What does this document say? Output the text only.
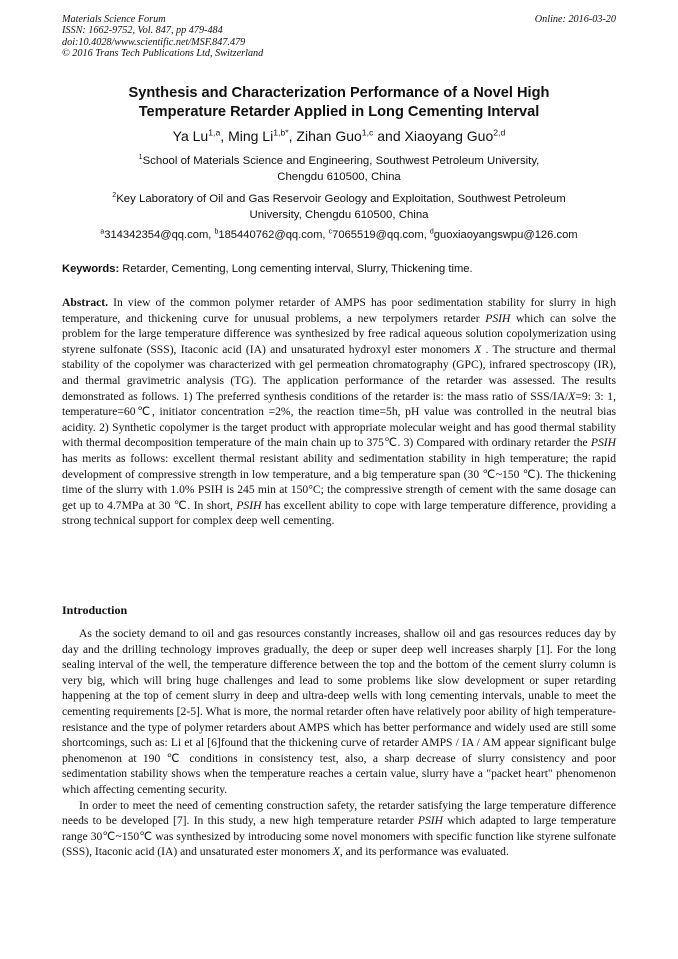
Materials Science Forum
ISSN: 1662-9752, Vol. 847, pp 479-484
doi:10.4028/www.scientific.net/MSF.847.479
© 2016 Trans Tech Publications Ltd, Switzerland
Online: 2016-03-20
Synthesis and Characterization Performance of a Novel High
Temperature Retarder Applied in Long Cementing Interval
Ya Lu$^{1,a}$, Ming $Li^{1,b*}$, Zihan Guo$^{1,c}$ and Xiaoyang Guo$^{2,d}$
$^1$School of Materials Science and Engineering, Southwest Petroleum University,
Chengdu 610500, China
$^2$Key Laboratory of Oil and Gas Reservoir Geology and Exploitation, Southwest Petroleum
University, Chengdu 610500, China
$^a$314342354@qq.com, $^b$185440762@qq.com, $^c$7065519@qq.com, $^d$guoxiaoyangswpu@126.com
Keywords: Retarder, Cementing, Long cementing interval, Slurry, Thickening time.
Abstract. In view of the common polymer retarder of AMPS has poor sedimentation stability for slurry in high temperature, and thickening curve for unusual problems, a new terpolymers retarder PSIH which can solve the problem for the large temperature difference was synthesized by free radical aqueous solution copolymerization using styrene sulfonate (SSS), Itaconic acid (IA) and unsaturated hydroxyl ester monomers X . The structure and thermal stability of the copolymer was characterized with gel permeation chromatography (GPC), infrared spectroscopy (IR), and thermal gravimetric analysis (TG). The application performance of the retarder was assessed. The results demonstrated as follows. 1) The preferred synthesis conditions of the retarder is: the mass ratio of SSS/IA/X=9: 3: 1, temperature=60℃, initiator concentration =2%, the reaction time=5h, pH value was controlled in the neutral bias acidity. 2) Synthetic copolymer is the target product with appropriate molecular weight and has good thermal stability with thermal decomposition temperature of the main chain up to 375℃. 3) Compared with ordinary retarder the PSIH has merits as follows: excellent thermal resistant ability and sedimentation stability in high temperature; the rapid development of compressive strength in low temperature, and a big temperature span (30 ℃~150 ℃). The thickening time of the slurry with 1.0% PSIH is 245 min at 150°C; the compressive strength of cement with the same dosage can get up to 4.7MPa at 30 ℃. In short, PSIH has excellent ability to cope with large temperature difference, providing a strong technical support for complex deep well cementing.
Introduction

As the society demand to oil and gas resources constantly increases, shallow oil and gas resources reduces day by day and the drilling technology improves gradually, the deep or super deep well increases sharply [1]. For the long sealing interval of the well, the temperature difference between the top and the bottom of the cement slurry column is very big, which will bring huge challenges and lead to some problems like slow development or super retarding happening at the top of cement slurry in deep and ultra-deep wells with long cementing intervals, unable to meet the cementing requirements [2-5]. What is more, the normal retarder often have relatively poor ability of high temperature-resistance and the type of polymer retarders about AMPS which has better performance and widely used are still some shortcomings, such as: Li et al [6]found that the thickening curve of retarder AMPS / IA / AM appear significant bulge phenomenon at 190 ℃ conditions in consistency test, also, a sharp decrease of slurry consistency and poor sedimentation stability shows when the temperature reaches a certain value, slurry have a "packet heart" phenomenon which affecting cementing security.

In order to meet the need of cementing construction safety, the retarder satisfying the large temperature difference needs to be developed [7]. In this study, a new high temperature retarder PSIH which adapted to large temperature range 30℃~150℃ was synthesized by introducing some novel monomers with specific function like styrene sulfonate (SSS), Itaconic acid (IA) and unsaturated ester monomers X, and its performance was evaluated.
